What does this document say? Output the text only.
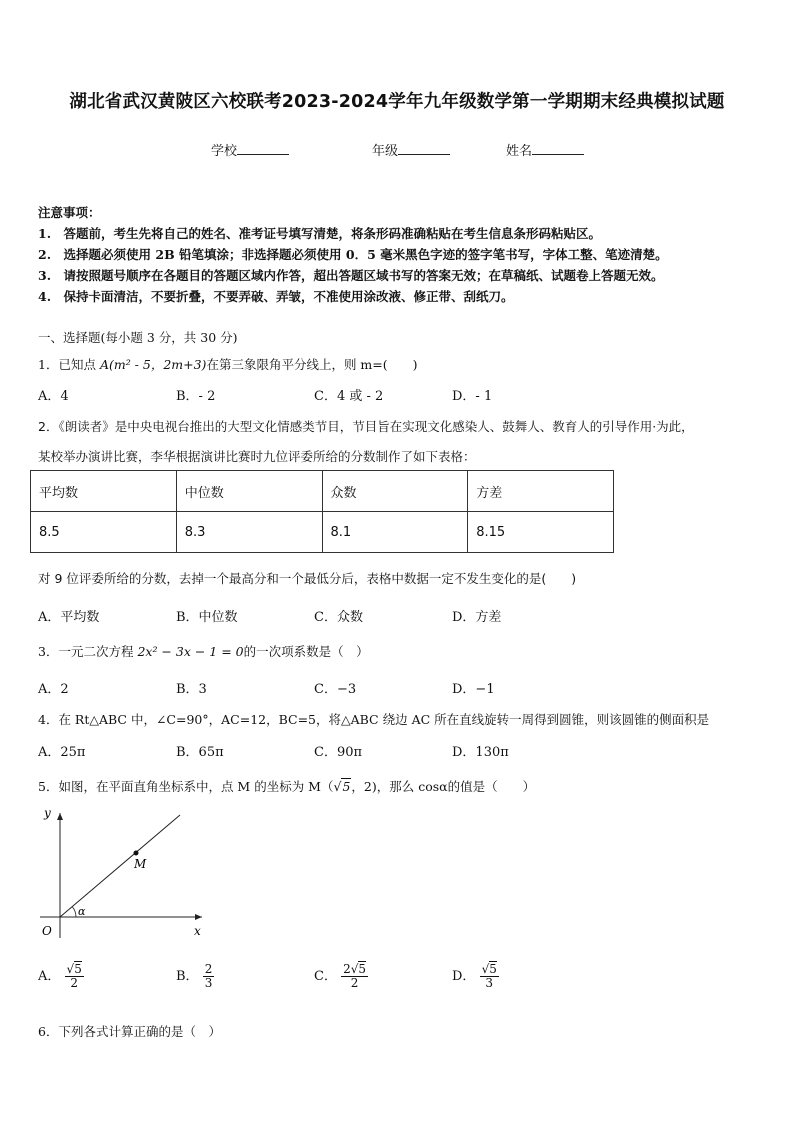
湖北省武汉黄陂区六校联考2023-2024学年九年级数学第一学期期末经典模拟试题
学校	年级	姓名
注意事项：
1.　答题前，考生先将自己的姓名、准考证号填写清楚，将条形码准确粘贴在考生信息条形码粘贴区。
2.　选择题必须使用 2B 铅笔填涂；非选择题必须使用 0．5 毫米黑色字迹的签字笔书写，字体工整、笔迹清楚。
3.　请按照题号顺序在各题目的答题区域内作答，超出答题区域书写的答案无效；在草稿纸、试题卷上答题无效。
4.　保持卡面清洁，不要折叠，不要弄破、弄皱，不准使用涂改液、修正带、刮纸刀。
一、选择题(每小题 3 分，共 30 分)
1．已知点 A(m² - 5，2m+3)在第三象限角平分线上，则 m=(　　)
A．4	B．- 2	C．4 或 - 2	D．- 1
2．《朗读者》是中央电视台推出的大型文化情感类节目，节目旨在实现文化感染人、鼓舞人、教育人的引导作用·为此，
某校举办演讲比赛，李华根据演讲比赛时九位评委所给的分数制作了如下表格：
平均数	中位数	众数	方差
8.5	8.3	8.1	8.15
对 9 位评委所给的分数，去掉一个最高分和一个最低分后，表格中数据一定不发生变化的是(　　)
A．平均数	B．中位数	C．众数	D．方差
3．一元二次方程 2x² − 3x − 1 = 0的一次项系数是（　）
A．2	B．3	C．−3	D．−1
4．在 Rt△ABC 中，∠C=90°，AC=12，BC=5，将△ABC 绕边 AC 所在直线旋转一周得到圆锥，则该圆锥的侧面积是
A．25π	B．65π	C．90π	D．130π
5．如图，在平面直角坐标系中，点 M 的坐标为 M（√ 5 ，2)，那么 cosα的值是（　　）
y
x
O
M
α
A． $\frac{√5}{2}$	B． $\frac{2}{3}$	C． $\frac{2√5}{2}$	D． $\frac{√5}{3}$
6．下列各式计算正确的是（　）
